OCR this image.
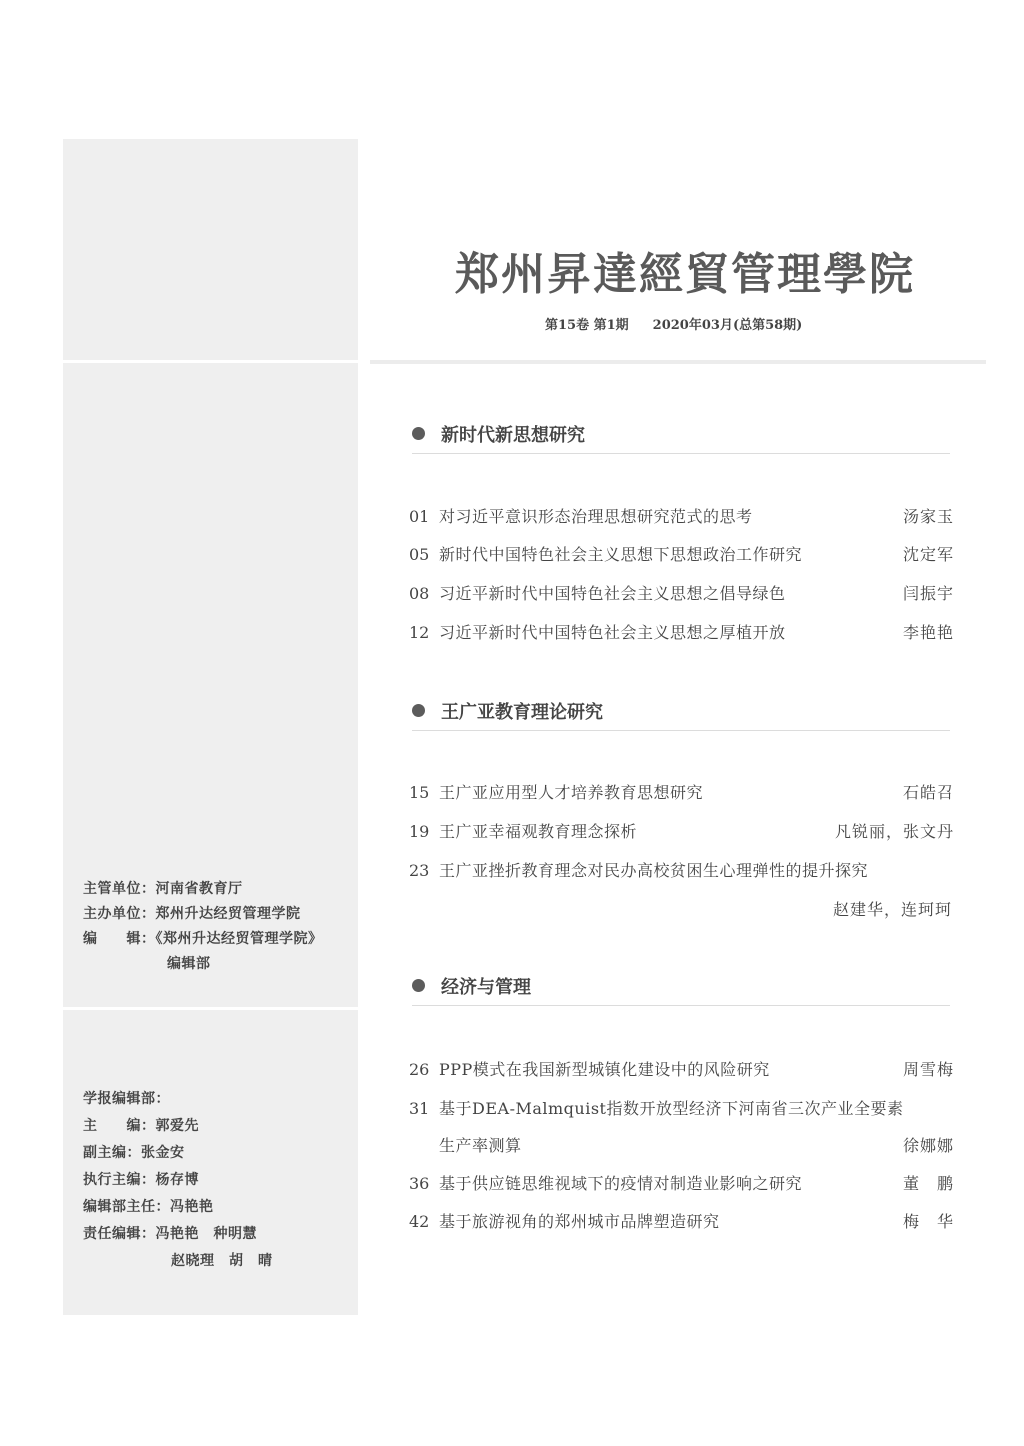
主管单位：河南省教育厅
主办单位：郑州升达经贸管理学院
编　　辑：《郑州升达经贸管理学院》
编辑部
学报编辑部：
主　　编：郭爱先
副主编：张金安
执行主编：杨存博
编辑部主任：冯艳艳
责任编辑：冯艳艳　种明慧
赵晓理　胡　晴
郑州昇達經貿管理學院
第15卷 第1期 2020年03月(总第58期)
新时代新思想研究
01 对习近平意识形态治理思想研究范式的思考	汤家玉
05 新时代中国特色社会主义思想下思想政治工作研究	沈定军
08 习近平新时代中国特色社会主义思想之倡导绿色	闫振宇
12 习近平新时代中国特色社会主义思想之厚植开放	李艳艳
王广亚教育理论研究
15 王广亚应用型人才培养教育思想研究	石皓召
19 王广亚幸福观教育理念探析	凡锐丽，张文丹
23 王广亚挫折教育理念对民办高校贫困生心理弹性的提升探究
赵建华，连珂珂
经济与管理
26 PPP模式在我国新型城镇化建设中的风险研究	周雪梅
31 基于DEA-Malmquist指数开放型经济下河南省三次产业全要素
生产率测算	徐娜娜
36 基于供应链思维视域下的疫情对制造业影响之研究	董　鹏
42 基于旅游视角的郑州城市品牌塑造研究	梅　华
